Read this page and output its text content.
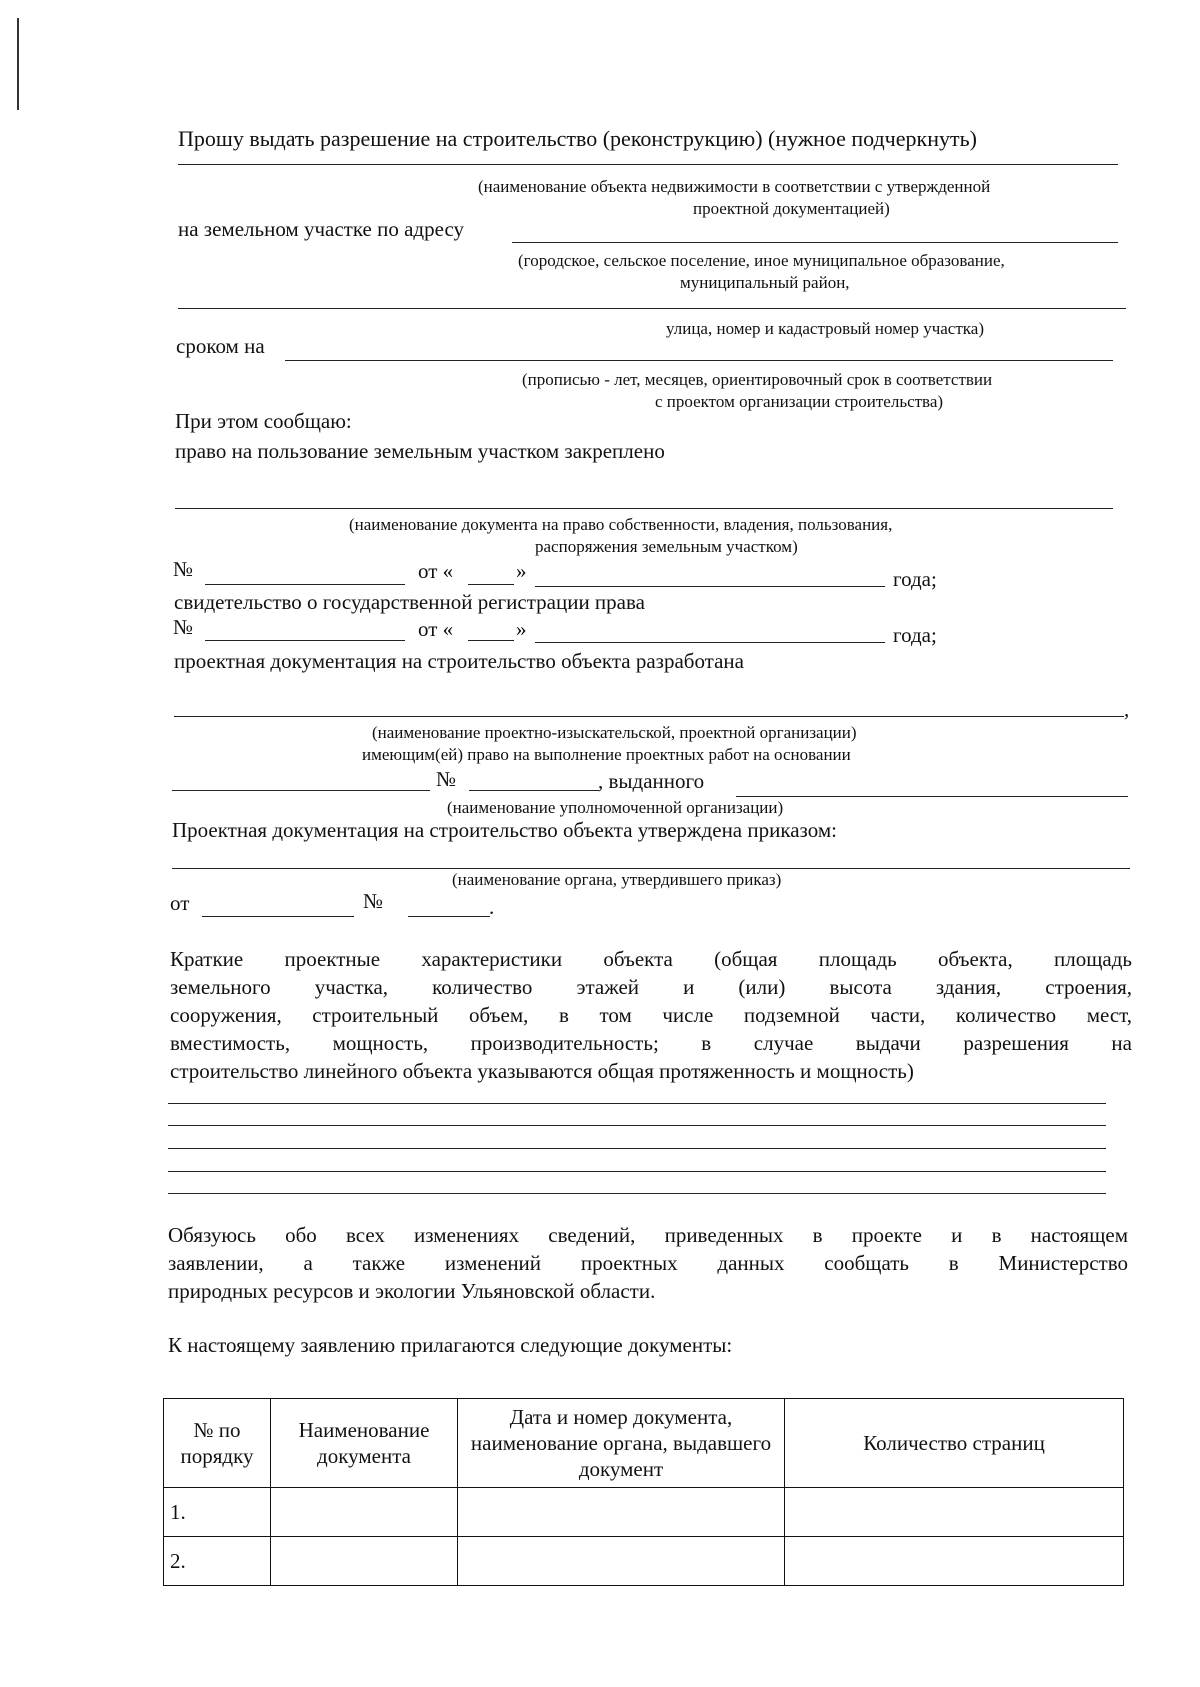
Прошу выдать разрешение на строительство (реконструкцию) (нужное подчеркнуть)
(наименование объекта недвижимости в соответствии с утвержденной
проектной документацией)
на земельном участке по адресу
(городское, сельское поселение, иное муниципальное образование,
муниципальный район,
улица, номер и кадастровый номер участка)
сроком на
(прописью - лет, месяцев, ориентировочный срок в соответствии
с проектом организации строительства)
При этом сообщаю:
право на пользование земельным участком закреплено
(наименование документа на право собственности, владения, пользования,
распоряжения земельным участком)
№	от «	»	года;
свидетельство о государственной регистрации права
№	от «	»	года;
проектная документация на строительство объекта разработана
,
(наименование проектно-изыскательской, проектной организации)
имеющим(ей) право на выполнение проектных работ на основании
№	, выданного
(наименование уполномоченной организации)
Проектная документация на строительство объекта утверждена приказом:
(наименование органа, утвердившего приказ)
от	№	.
Краткие проектные характеристики объекта (общая площадь объекта, площадь
земельного участка, количество этажей и (или) высота здания, строения,
сооружения, строительный объем, в том числе подземной части, количество мест,
вместимость, мощность, производительность; в случае выдачи разрешения на
строительство линейного объекта указываются общая протяженность и мощность)
Обязуюсь обо всех изменениях сведений, приведенных в проекте и в настоящем
заявлении, а также изменений проектных данных сообщать в Министерство
природных ресурсов и экологии Ульяновской области.
К настоящему заявлению прилагаются следующие документы:
№ по порядку	Наименование документа	Дата и номер документа, наименование органа, выдавшего документ	Количество страниц
1.			
2.			
